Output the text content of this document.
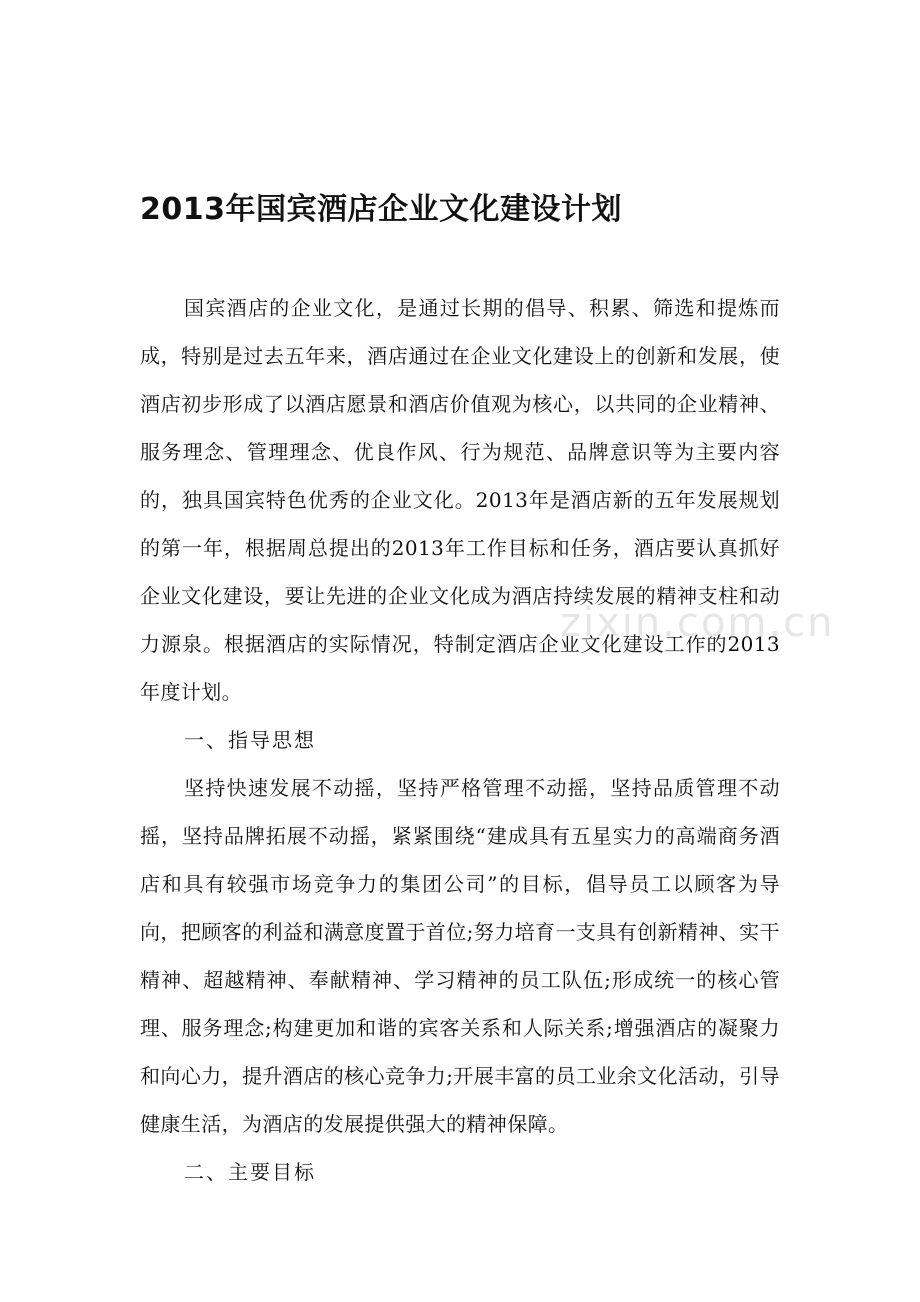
2013年国宾酒店企业文化建设计划

国宾酒店的企业文化，是通过长期的倡导、积累、筛选和提炼而成，特别是过去五年来，酒店通过在企业文化建设上的创新和发展，使酒店初步形成了以酒店愿景和酒店价值观为核心，以共同的企业精神、服务理念、管理理念、优良作风、行为规范、品牌意识等为主要内容的，独具国宾特色优秀的企业文化。2013年是酒店新的五年发展规划的第一年，根据周总提出的2013年工作目标和任务，酒店要认真抓好企业文化建设，要让先进的企业文化成为酒店持续发展的精神支柱和动力源泉。根据酒店的实际情况，特制定酒店企业文化建设工作的2013年度计划。

一、指导思想

坚持快速发展不动摇，坚持严格管理不动摇，坚持品质管理不动摇，坚持品牌拓展不动摇，紧紧围绕“建成具有五星实力的高端商务酒店和具有较强市场竞争力的集团公司”的目标，倡导员工以顾客为导向，把顾客的利益和满意度置于首位;努力培育一支具有创新精神、实干精神、超越精神、奉献精神、学习精神的员工队伍;形成统一的核心管理、服务理念;构建更加和谐的宾客关系和人际关系;增强酒店的凝聚力和向心力，提升酒店的核心竞争力;开展丰富的员工业余文化活动，引导健康生活，为酒店的发展提供强大的精神保障。

二、主要目标

zixin.com.cn
